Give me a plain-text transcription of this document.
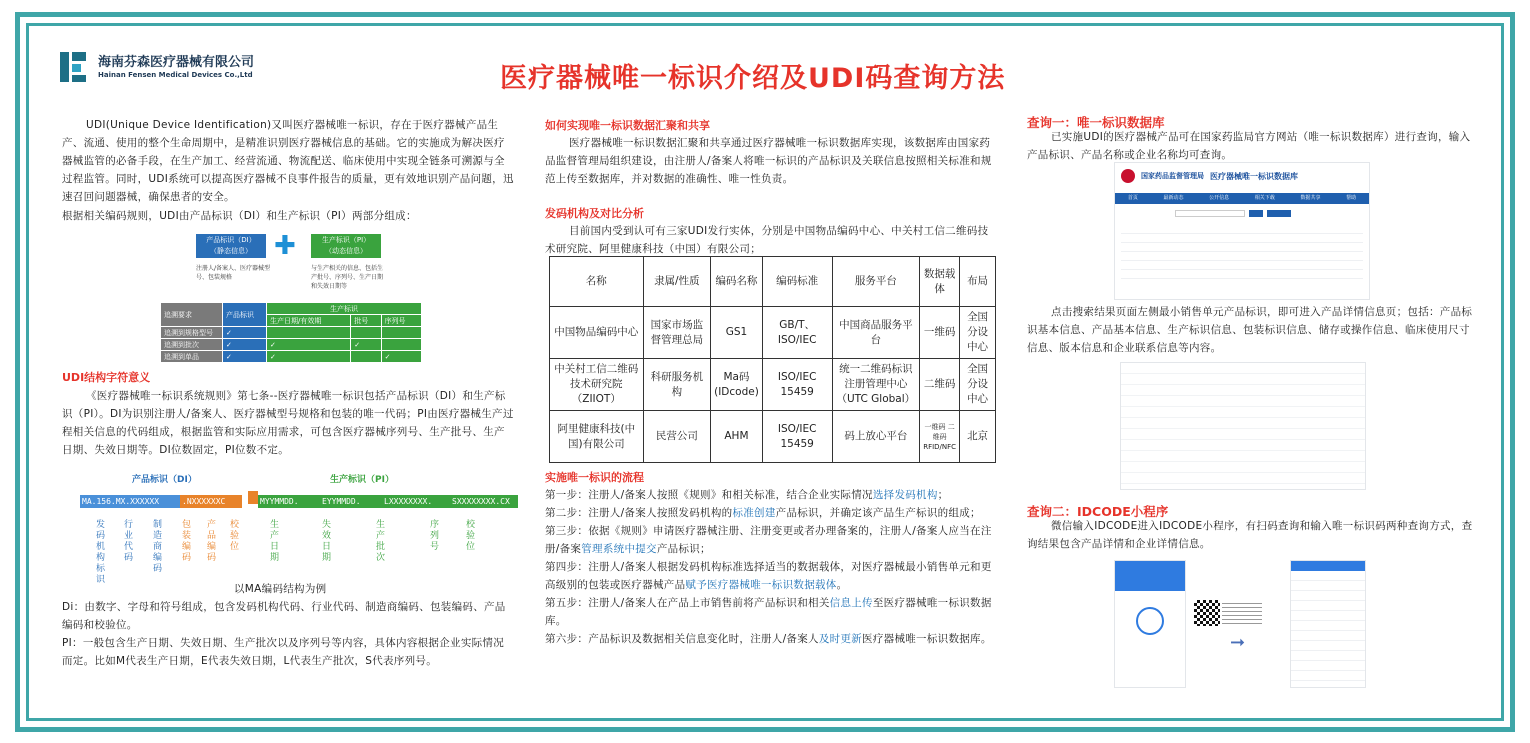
海南芬森医疗器械有限公司
Hainan Fensen Medical Devices Co.,Ltd	医疗器械唯一标识介绍及UDI码查询方法
UDI(Unique Device Identification)又叫医疗器械唯一标识，存在于医疗器械产品生产、流通、使用的整个生命周期中，是精准识别医疗器械信息的基础。它的实施成为解决医疗器械监管的必备手段，在生产加工、经营流通、物流配送、临床使用中实现全链条可溯源与全过程监管。同时，UDI系统可以提高医疗器械不良事件报告的质量，更有效地识别产品问题，迅速召回问题器械，确保患者的安全。
根据相关编码规则，UDI由产品标识（DI）和生产标识（PI）两部分组成：
产品标识（DI）
（静态信息） ✚	生产标识（PI）
（动态信息）
注册人/备案人、医疗器械型号、包装规格
与生产相关的信息、包括生产批号、序列号、生产日期和失效日期等
追溯要求	产品标识	生产标识		
		生产日期/有效期	批号	序列号
追溯到规格型号	✓			
追溯到批次	✓	✓	✓	
追溯到单品	✓	✓		✓
UDI结构字符意义
《医疗器械唯一标识系统规则》第七条--医疗器械唯一标识包括产品标识（DI）和生产标识（PI）。DI为识别注册人/备案人、医疗器械型号规格和包装的唯一代码；PI由医疗器械生产过程相关信息的代码组成，根据监管和实际应用需求，可包含医疗器械序列号、生产批号、生产日期、失效日期等。DI位数固定，PI位数不定。
产品标识（DI）	生产标识（PI）
MA.156.MX.XXXXXX	.NXXXXXXC	MYYMMDD.	EYYMMDD.	LXXXXXXXX. SXXXXXXXX.CX
发码机构标识
行业代码
制造商编码
包装编码
产品编码
校验位
生产日期
失效日期
生产批次
序列号
校验位
以MA编码结构为例
Di：由数字、字母和符号组成，包含发码机构代码、行业代码、制造商编码、包装编码、产品编码和校验位。
PI：一般包含生产日期、失效日期、生产批次以及序列号等内容，具体内容根据企业实际情况而定。比如M代表生产日期，E代表失效日期，L代表生产批次，S代表序列号。
如何实现唯一标识数据汇聚和共享
医疗器械唯一标识数据汇聚和共享通过医疗器械唯一标识数据库实现，该数据库由国家药品监督管理局组织建设，由注册人/备案人将唯一标识的产品标识及关联信息按照相关标准和规范上传至数据库，并对数据的准确性、唯一性负责。
发码机构及对比分析
目前国内受到认可有三家UDI发行实体，分别是中国物品编码中心、中关村工信二维码技术研究院、阿里健康科技（中国）有限公司；
名称	隶属/性质	编码名称	编码标准	服务平台	数据载体	布局
中国物品编码中心	国家市场监督管理总局	GS1	GB/T、ISO/IEC	中国商品服务平台	一维码	全国分设中心
中关村工信二维码技术研究院（ZIIOT）	科研服务机构	Ma码(IDcode)	ISO/IEC 15459	统一二维码标识注册管理中心（UTC Global）	二维码	全国分设中心
阿里健康科技(中国)有限公司	民营公司	AHM	ISO/IEC 15459	码上放心平台	一维码 二维码 RFID/NFC	北京
实施唯一标识的流程
第一步：注册人/备案人按照《规则》和相关标准，结合企业实际情况选择发码机构；
第二步：注册人/备案人按照发码机构的标准创建产品标识，并确定该产品生产标识的组成；
第三步：依据《规则》申请医疗器械注册、注册变更或者办理备案的，注册人/备案人应当在注册/备案管理系统中提交产品标识；
第四步：注册人/备案人根据发码机构标准选择适当的数据载体，对医疗器械最小销售单元和更高级别的包装或医疗器械产品赋予医疗器械唯一标识数据载体。
第五步：注册人/备案人在产品上市销售前将产品标识和相关信息上传至医疗器械唯一标识数据库。
第六步：产品标识及数据相关信息变化时，注册人/备案人及时更新医疗器械唯一标识数据库。
查询一：唯一标识数据库
已实施UDI的医疗器械产品可在国家药监局官方网站（唯一标识数据库）进行查询，输入产品标识、产品名称或企业名称均可查询。
国家药品监督管理局 医疗器械唯一标识数据库
首页	最新动态	公开信息	相关下载	数据共享	帮助
点击搜索结果页面左侧最小销售单元产品标识，即可进入产品详情信息页；包括：产品标识基本信息、产品基本信息、生产标识信息、包装标识信息、储存或操作信息、临床使用尺寸信息、版本信息和企业联系信息等内容。
查询二：IDCODE小程序
微信输入IDCODE进入IDCODE小程序，有扫码查询和输入唯一标识码两种查询方式，查询结果包含产品详情和企业详情信息。
➞
